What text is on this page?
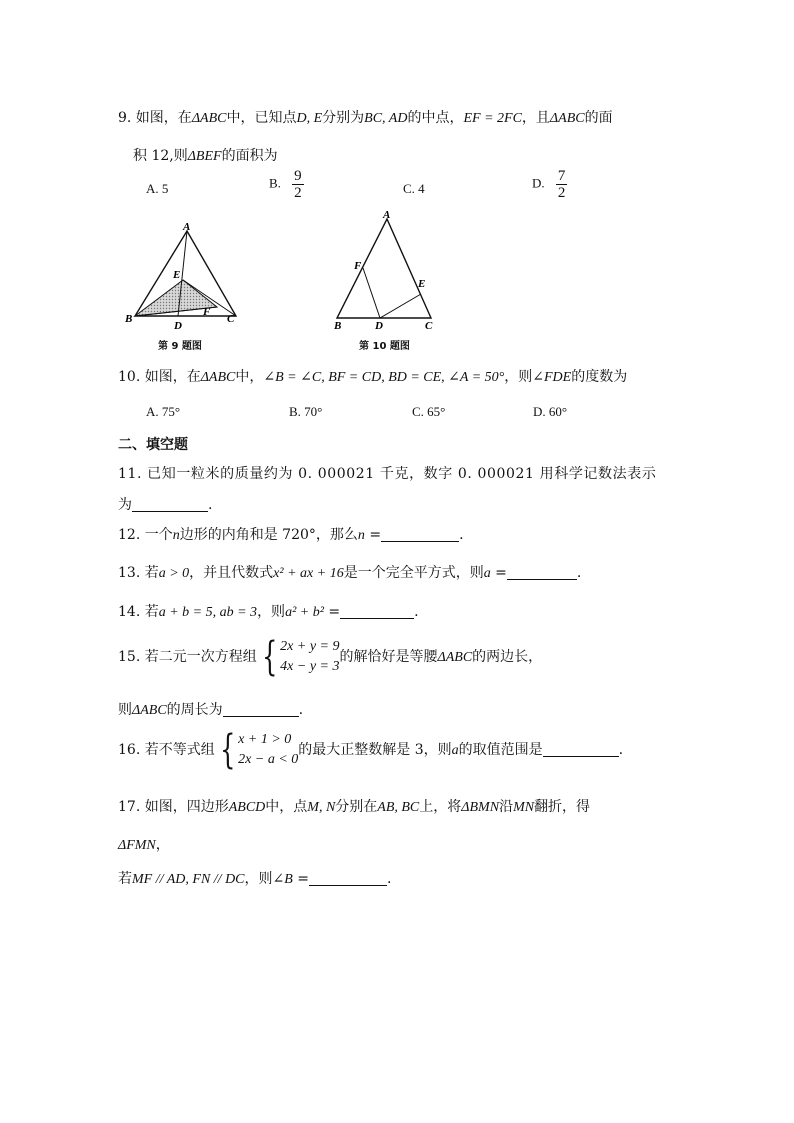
9. 如图，在ΔABC中，已知点D, E分别为BC, AD的中点，EF = 2FC，且ΔABC的面
积 12,则ΔBEF的面积为
A. 5	B. $\frac{9}{2}$	C. 4	D. $\frac{7}{2}$
A
B	C
D
E
F
第 9 题图
A
B	C
D
E
F
第 10 题图
10. 如图，在ΔABC中，∠B = ∠C, BF = CD, BD = CE, ∠A = 50°，则∠FDE的度数为
A. 75°	B. 70°	C. 65°	D. 60°
二、填空题
11. 已知一粒米的质量约为 0. 000021 千克，数字 0. 000021 用科学记数法表示
为	.
12. 一个n边形的内角和是 720°，那么n =	.
13. 若a > 0，并且代数式x² + ax + 16是一个完全平方式，则a =	.
14. 若a + b = 5, ab = 3，则a² + b² =	.
15. 若二元一次方程组 { 2x + y = 9
4x − y = 3
的解恰好是等腰ΔABC的两边长，
则ΔABC的周长为	.
16. 若不等式组 { x + 1 > 0
2x − a < 0
的最大正整数解是 3，则a的取值范围是	.
17. 如图，四边形ABCD中，点M, N分别在AB, BC上，将ΔBMN沿MN翻折，得
ΔFMN，
若MF // AD, FN // DC，则∠B =	.
